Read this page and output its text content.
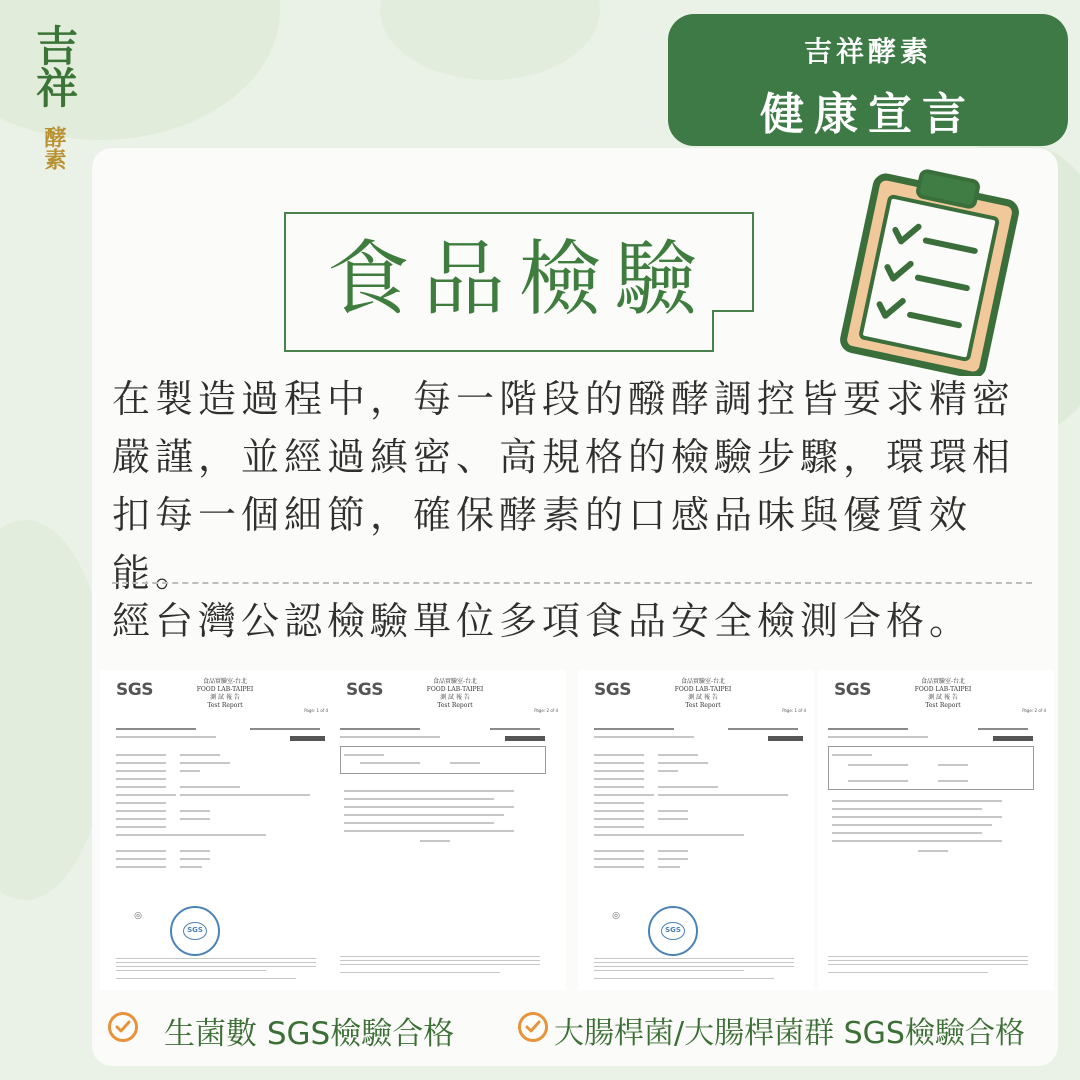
吉祥
酵素
吉祥酵素
健康宣言
食品檢驗
在製造過程中，每一階段的醱酵調控皆要求精密嚴謹，並經過縝密、高規格的檢驗步驟，環環相扣每一個細節，確保酵素的口感品味與優質效能。
經台灣公認檢驗單位多項食品安全檢測合格。
SGS	食品實驗室-台北
FOOD LAB-TAIPEI
測 試 報 告
Test Report
Page: 1 of 4
◎
SGS
SGS	食品實驗室-台北
FOOD LAB-TAIPEI
測 試 報 告
Test Report
Page: 2 of 4
SGS	食品實驗室-台北
FOOD LAB-TAIPEI
測 試 報 告
Test Report
Page: 1 of 4
◎
SGS
SGS	食品實驗室-台北
FOOD LAB-TAIPEI
測 試 報 告
Test Report
Page: 2 of 4
生菌數 SGS檢驗合格	大腸桿菌/大腸桿菌群 SGS檢驗合格
